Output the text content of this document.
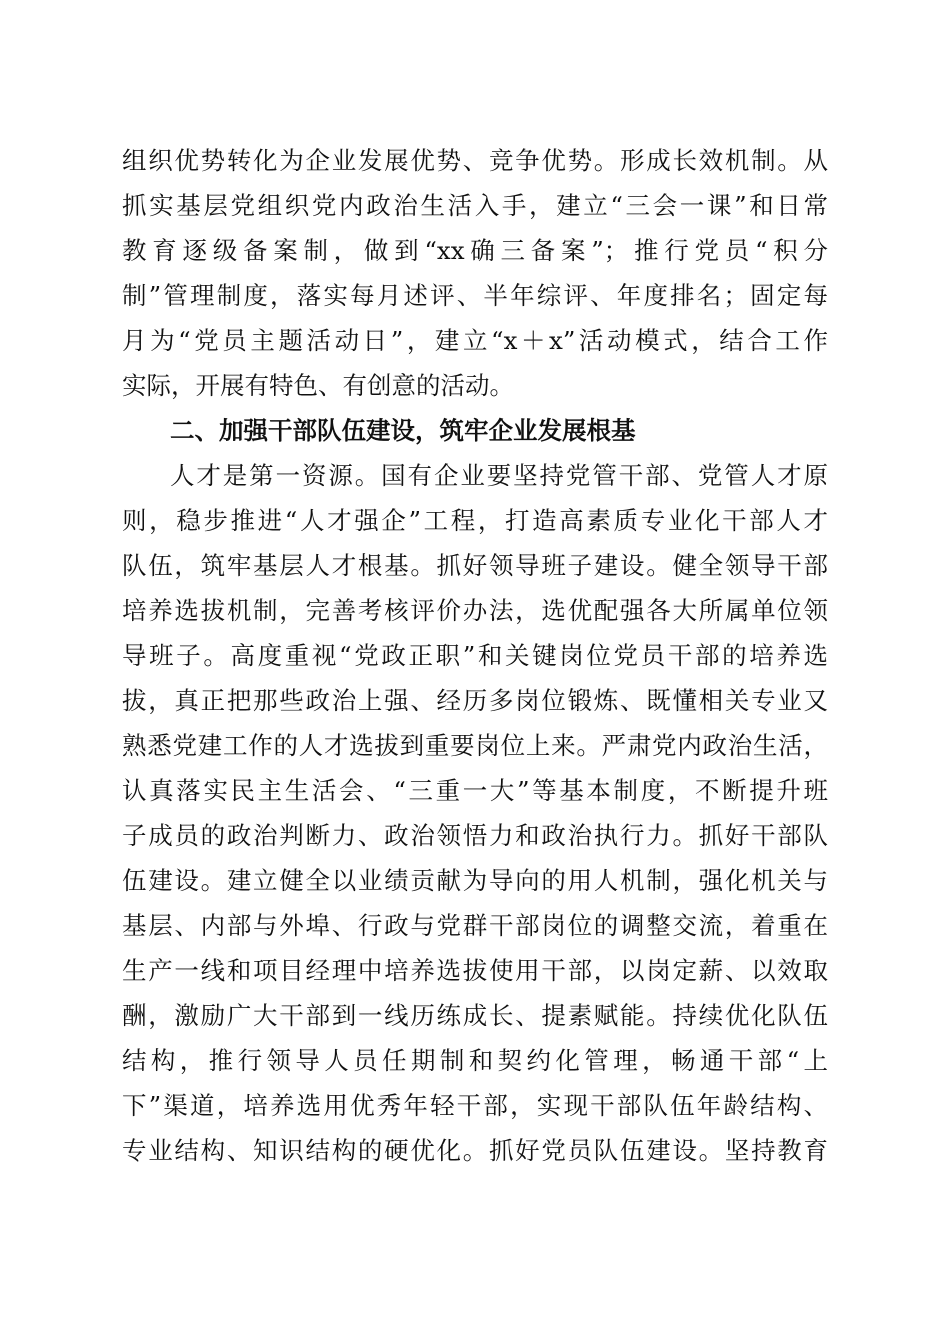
组织优势转化为企业发展优势、竞争优势。形成长效机制。从
抓实基层党组织党内政治生活入手，建立“三会一课”和日常
教育逐级备案制，做到“xx确三备案”；推行党员“积分
制”管理制度，落实每月述评、半年综评、年度排名；固定每
月为“党员主题活动日”，建立“x＋x”活动模式，结合工作
实际，开展有特色、有创意的活动。
二、加强干部队伍建设，筑牢企业发展根基
人才是第一资源。国有企业要坚持党管干部、党管人才原
则，稳步推进“人才强企”工程，打造高素质专业化干部人才
队伍，筑牢基层人才根基。抓好领导班子建设。健全领导干部
培养选拔机制，完善考核评价办法，选优配强各大所属单位领
导班子。高度重视“党政正职”和关键岗位党员干部的培养选
拔，真正把那些政治上强、经历多岗位锻炼、既懂相关专业又
熟悉党建工作的人才选拔到重要岗位上来。严肃党内政治生活，
认真落实民主生活会、“三重一大”等基本制度，不断提升班
子成员的政治判断力、政治领悟力和政治执行力。抓好干部队
伍建设。建立健全以业绩贡献为导向的用人机制，强化机关与
基层、内部与外埠、行政与党群干部岗位的调整交流，着重在
生产一线和项目经理中培养选拔使用干部，以岗定薪、以效取
酬，激励广大干部到一线历练成长、提素赋能。持续优化队伍
结构，推行领导人员任期制和契约化管理，畅通干部“上
下”渠道，培养选用优秀年轻干部，实现干部队伍年龄结构、
专业结构、知识结构的硬优化。抓好党员队伍建设。坚持教育
